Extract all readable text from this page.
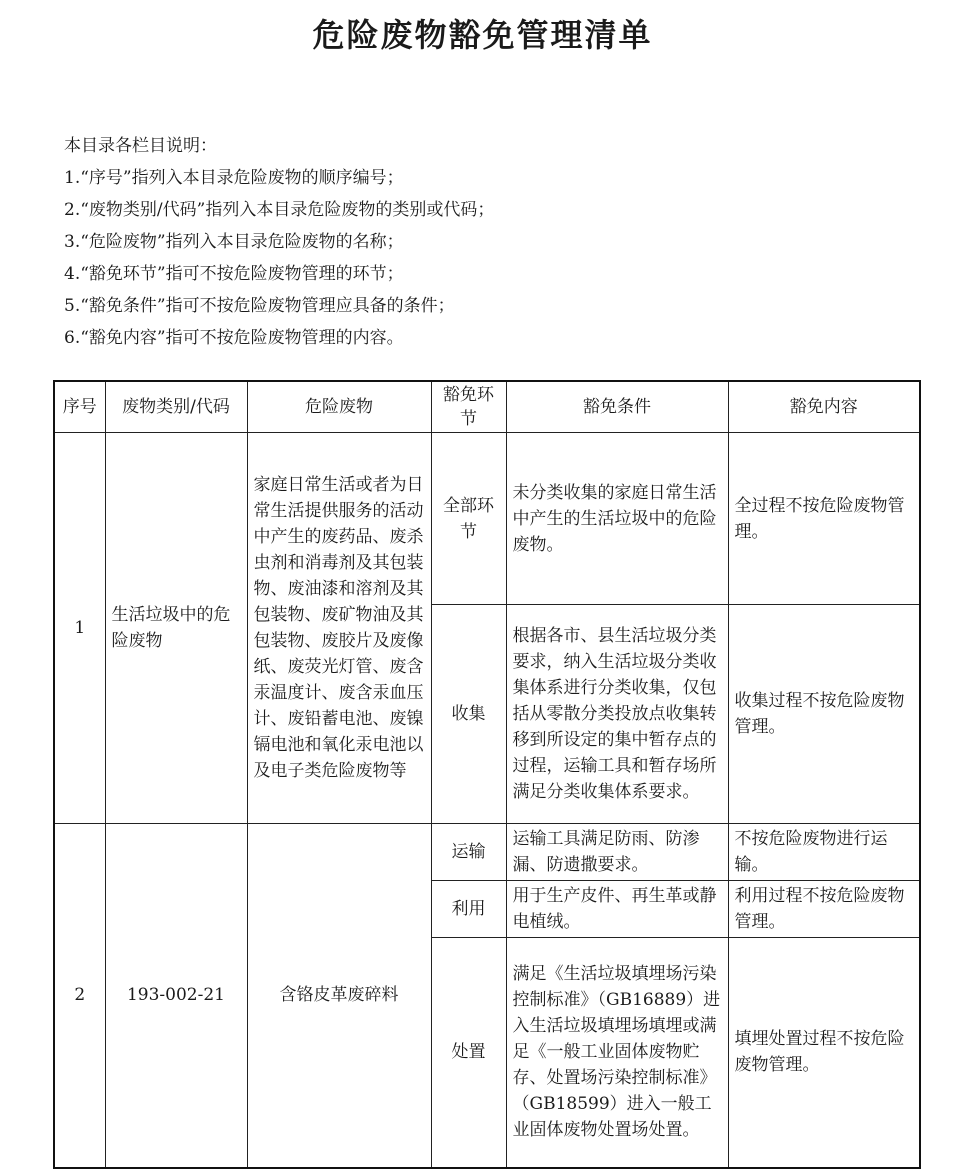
危险废物豁免管理清单
本目录各栏目说明：
1.“序号”指列入本目录危险废物的顺序编号；
2.“废物类别/代码”指列入本目录危险废物的类别或代码；
3.“危险废物”指列入本目录危险废物的名称；
4.“豁免环节”指可不按危险废物管理的环节；
5.“豁免条件”指可不按危险废物管理应具备的条件；
6.“豁免内容”指可不按危险废物管理的内容。
序号	废物类别/代码	危险废物	豁免环节	豁免条件	豁免内容
1	生活垃圾中的危险废物	家庭日常生活或者为日常生活提供服务的活动中产生的废药品、废杀虫剂和消毒剂及其包装物、废油漆和溶剂及其包装物、废矿物油及其包装物、废胶片及废像纸、废荧光灯管、废含汞温度计、废含汞血压计、废铅蓄电池、废镍镉电池和氧化汞电池以及电子类危险废物等	全部环节	未分类收集的家庭日常生活中产生的生活垃圾中的危险废物。	全过程不按危险废物管理。
			收集	根据各市、县生活垃圾分类要求，纳入生活垃圾分类收集体系进行分类收集，仅包括从零散分类投放点收集转移到所设定的集中暂存点的过程，运输工具和暂存场所满足分类收集体系要求。	收集过程不按危险废物管理。
2	193-002-21	含铬皮革废碎料	运输	运输工具满足防雨、防渗漏、防遗撒要求。	不按危险废物进行运输。
			利用	用于生产皮件、再生革或静电植绒。	利用过程不按危险废物管理。
			处置	满足《生活垃圾填埋场污染控制标准》（GB16889）进入生活垃圾填埋场填埋或满足《一般工业固体废物贮存、处置场污染控制标准》（GB18599）进入一般工业固体废物处置场处置。	填埋处置过程不按危险废物管理。
